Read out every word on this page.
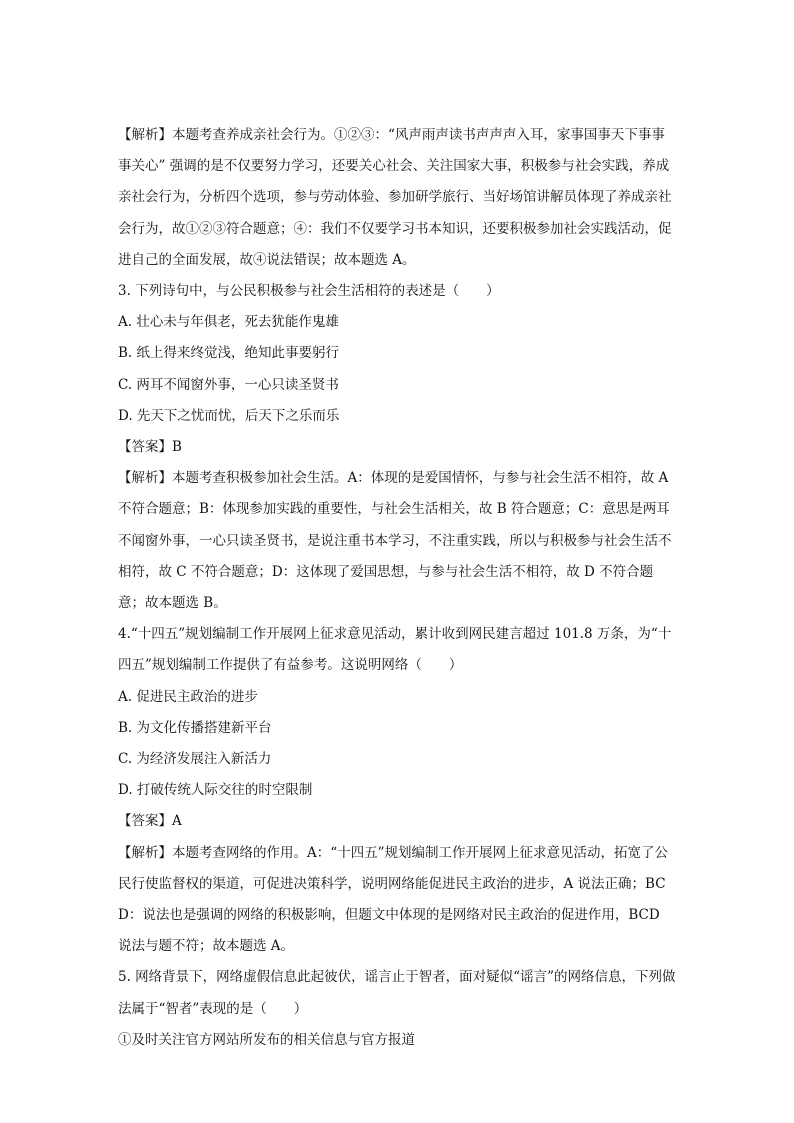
【解析】本题考查养成亲社会行为。①②③：“风声雨声读书声声声入耳，家事国事天下事事事关心” 强调的是不仅要努力学习，还要关心社会、关注国家大事，积极参与社会实践，养成亲社会行为，分析四个选项，参与劳动体验、参加研学旅行、当好场馆讲解员体现了养成亲社会行为，故①②③符合题意；④：我们不仅要学习书本知识，还要积极参加社会实践活动，促进自己的全面发展，故④说法错误；故本题选 A。

3. 下列诗句中，与公民积极参与社会生活相符的表述是（　　）

A. 壮心未与年俱老，死去犹能作鬼雄

B. 纸上得来终觉浅，绝知此事要躬行

C. 两耳不闻窗外事，一心只读圣贤书

D. 先天下之忧而忧，后天下之乐而乐

【答案】B

【解析】本题考查积极参加社会生活。A：体现的是爱国情怀，与参与社会生活不相符，故 A 不符合题意；B：体现参加实践的重要性，与社会生活相关，故 B 符合题意；C：意思是两耳不闻窗外事，一心只读圣贤书，是说注重书本学习，不注重实践，所以与积极参与社会生活不相符，故 C 不符合题意；D：这体现了爱国思想，与参与社会生活不相符，故 D 不符合题意；故本题选 B。

4.“十四五”规划编制工作开展网上征求意见活动，累计收到网民建言超过 101.8 万条，为“十四五”规划编制工作提供了有益参考。这说明网络（　　）

A. 促进民主政治的进步

B. 为文化传播搭建新平台

C. 为经济发展注入新活力

D. 打破传统人际交往的时空限制

【答案】A

【解析】本题考查网络的作用。A：“十四五”规划编制工作开展网上征求意见活动，拓宽了公民行使监督权的渠道，可促进决策科学，说明网络能促进民主政治的进步，A 说法正确；BCD：说法也是强调的网络的积极影响，但题文中体现的是网络对民主政治的促进作用，BCD 说法与题不符；故本题选 A。

5. 网络背景下，网络虚假信息此起彼伏，谣言止于智者，面对疑似“谣言”的网络信息，下列做法属于“智者”表现的是（　　）

①及时关注官方网站所发布的相关信息与官方报道
